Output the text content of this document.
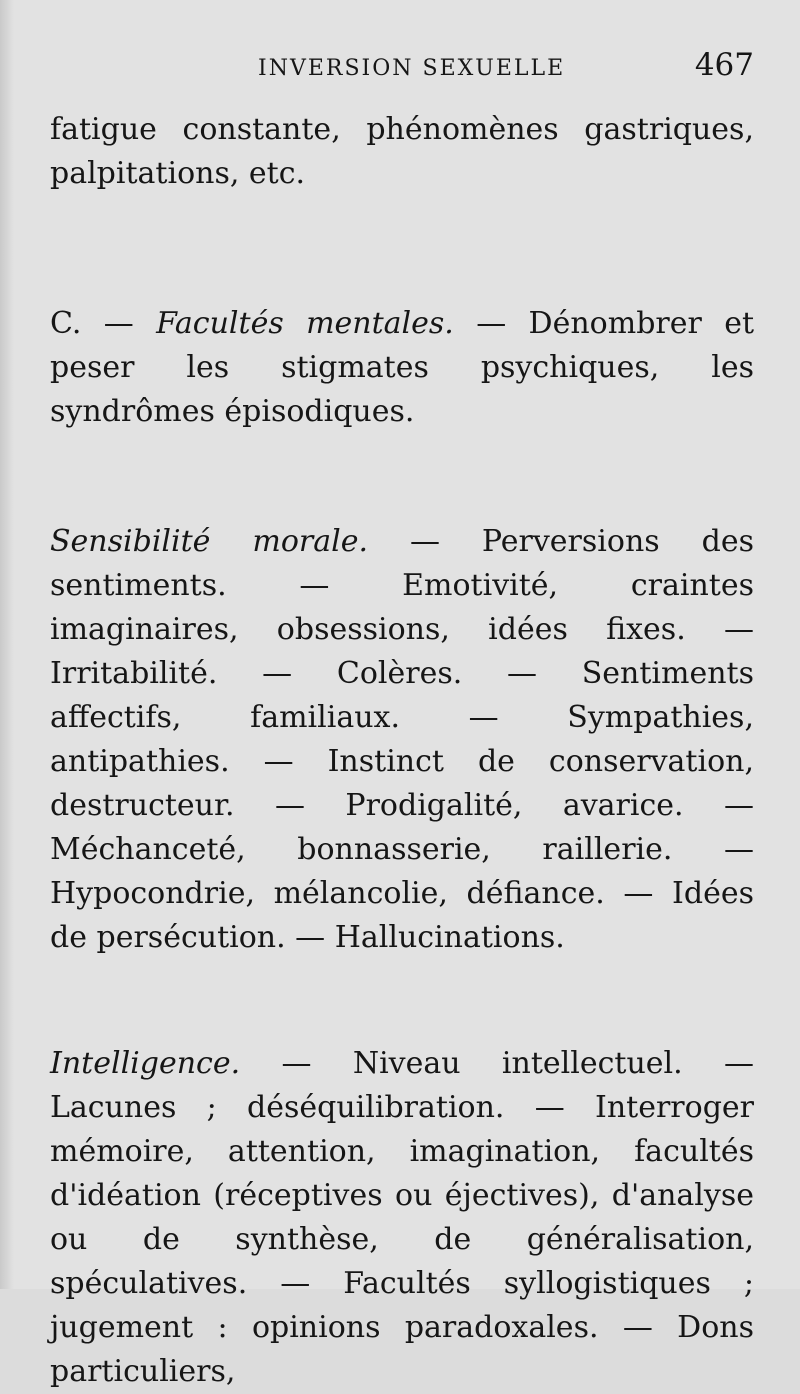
INVERSION SEXUELLE	467

fatigue constante, phénomènes gastriques, palpitations, etc.

C. — Facultés mentales. — Dénombrer et peser les stigmates psychiques, les syndrômes épisodiques.

Sensibilité morale. — Perversions des sentiments. — Emotivité, craintes imaginaires, obsessions, idées fixes. — Irritabilité. — Colères. — Sentiments affectifs, familiaux. — Sympathies, antipathies. — Instinct de conservation, destructeur. — Prodigalité, avarice. — Méchanceté, bonnasserie, raillerie. — Hypocondrie, mélancolie, défiance. — Idées de persécution. — Hallucinations.

Intelligence. — Niveau intellectuel. — Lacunes ; déséquilibration. — Interroger mémoire, attention, imagination, facultés d'idéation (réceptives ou éjectives), d'analyse ou de synthèse, de généralisation, spéculatives. — Facultés syllogistiques ; jugement : opinions paradoxales. — Dons particuliers,
